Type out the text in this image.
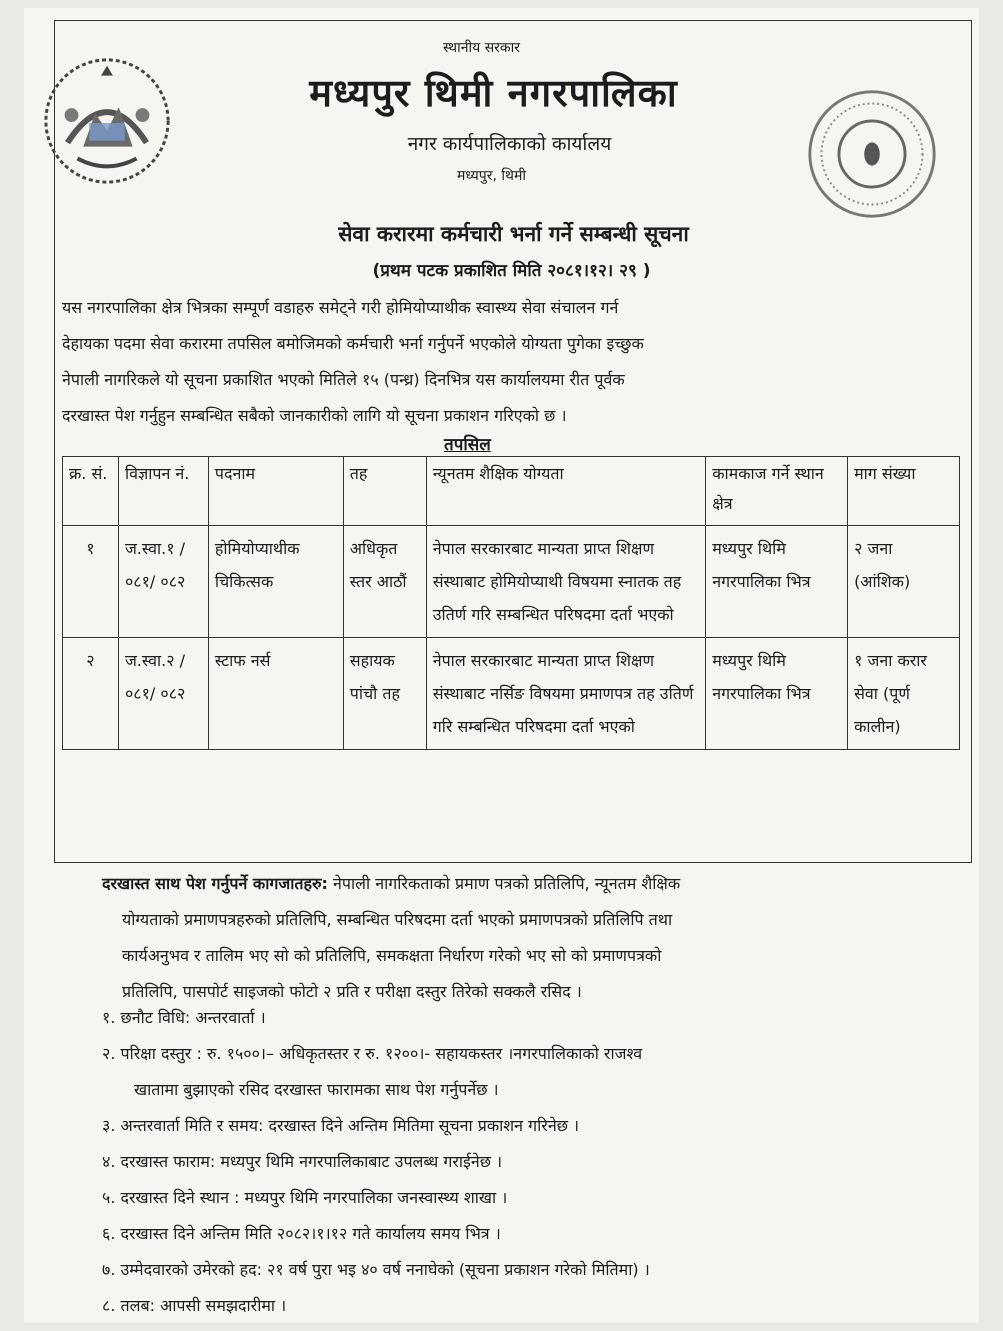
स्थानीय सरकार
मध्यपुर थिमी नगरपालिका
नगर कार्यपालिकाको कार्यालय
मध्यपुर, थिमी
सेवा करारमा कर्मचारी भर्ना गर्ने सम्बन्धी सूचना
(प्रथम पटक प्रकाशित मिति २०८१।१२। २९ )
यस नगरपालिका क्षेत्र भित्रका सम्पूर्ण वडाहरु समेट्ने गरी होमियोप्याथीक स्वास्थ्य सेवा संचालन गर्न
देहायका पदमा सेवा करारमा तपसिल बमोजिमको कर्मचारी भर्ना गर्नुपर्ने भएकोले योग्यता पुगेका इच्छुक
नेपाली नागरिकले यो सूचना प्रकाशित भएको मितिले १५ (पन्ध्र) दिनभित्र यस कार्यालयमा रीत पूर्वक
दरखास्त पेश गर्नुहुन सम्बन्धित सबैको जानकारीको लागि यो सूचना प्रकाशन गरिएको छ ।
तपसिल
क्र. सं.	विज्ञापन नं.	पदनाम	तह	न्यूनतम शैक्षिक योग्यता	कामकाज गर्ने स्थान क्षेत्र	माग संख्या
१	ज.स्वा.१ /०८१/ ०८२	होमियोप्याथीक चिकित्सक	अधिकृत स्तर आठौं	नेपाल सरकारबाट मान्यता प्राप्त शिक्षण संस्थाबाट होमियोप्याथी विषयमा स्नातक तह उतिर्ण गरि सम्बन्धित परिषदमा दर्ता भएको	मध्यपुर थिमि नगरपालिका भित्र	२ जना (आंशिक)
२	ज.स्वा.२ /०८१/ ०८२	स्टाफ नर्स	सहायक पांचौ तह	नेपाल सरकारबाट मान्यता प्राप्त शिक्षण संस्थाबाट नर्सिङ विषयमा प्रमाणपत्र तह उतिर्ण गरि सम्बन्धित परिषदमा दर्ता भएको	मध्यपुर थिमि नगरपालिका भित्र	१ जना करार सेवा (पूर्ण कालीन)
दरखास्त साथ पेश गर्नुपर्ने कागजातहरु: नेपाली नागरिकताको प्रमाण पत्रको प्रतिलिपि, न्यूनतम शैक्षिक
योग्यताको प्रमाणपत्रहरुको प्रतिलिपि, सम्बन्धित परिषदमा दर्ता भएको प्रमाणपत्रको प्रतिलिपि तथा
कार्यअनुभव र तालिम भए सो को प्रतिलिपि, समकक्षता निर्धारण गरेको भए सो को प्रमाणपत्रको
प्रतिलिपि, पासपोर्ट साइजको फोटो २ प्रति र परीक्षा दस्तुर तिरेको सक्कलै रसिद ।
१. छनौट विधि: अन्तरवार्ता ।
२. परिक्षा दस्तुर : रु. १५००।– अधिकृतस्तर र रु. १२००।- सहायकस्तर ।नगरपालिकाको राजश्व
खातामा बुझाएको रसिद दरखास्त फारामका साथ पेश गर्नुपर्नेछ ।
३. अन्तरवार्ता मिति र समय: दरखास्त दिने अन्तिम मितिमा सूचना प्रकाशन गरिनेछ ।
४. दरखास्त फाराम: मध्यपुर थिमि नगरपालिकाबाट उपलब्ध गराईनेछ ।
५. दरखास्त दिने स्थान : मध्यपुर थिमि नगरपालिका जनस्वास्थ्य शाखा ।
६. दरखास्त दिने अन्तिम मिति २०८२।१।१२ गते कार्यालय समय भित्र ।
७. उम्मेदवारको उमेरको हद: २१ वर्ष पुरा भइ ४० वर्ष ननाघेको (सूचना प्रकाशन गरेको मितिमा) ।
८. तलब: आपसी समझदारीमा ।
